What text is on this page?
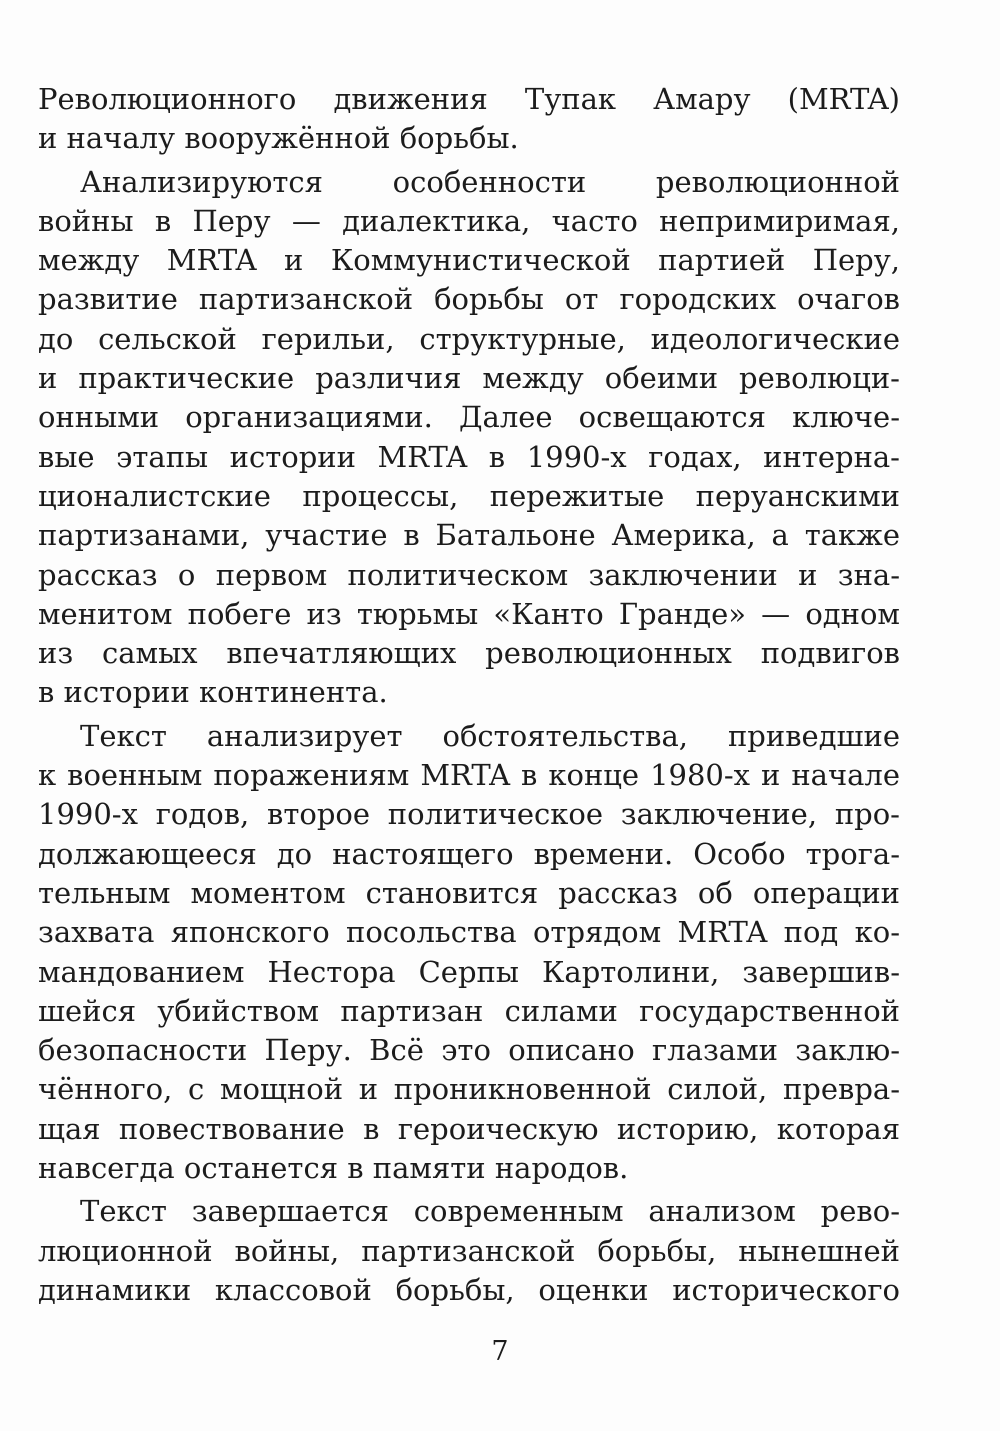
Революционного движения Тупак Амару (MRTA)
и началу вооружённой борьбы.
Анализируются особенности революционной
войны в Перу — диалектика, часто непримиримая,
между MRTA и Коммунистической партией Перу,
развитие партизанской борьбы от городских очагов
до сельской герильи, структурные, идеологические
и практические различия между обеими революци-
онными организациями. Далее освещаются ключе-
вые этапы истории MRTA в 1990-х годах, интерна-
ционалистские процессы, пережитые перуанскими
партизанами, участие в Батальоне Америка, а также
рассказ о первом политическом заключении и зна-
менитом побеге из тюрьмы «Канто Гранде» — одном
из самых впечатляющих революционных подвигов
в истории континента.
Текст анализирует обстоятельства, приведшие
к военным поражениям MRTA в конце 1980-х и начале
1990-х годов, второе политическое заключение, про-
должающееся до настоящего времени. Особо трога-
тельным моментом становится рассказ об операции
захвата японского посольства отрядом MRTA под ко-
мандованием Нестора Серпы Картолини, завершив-
шейся убийством партизан силами государственной
безопасности Перу. Всё это описано глазами заклю-
чённого, с мощной и проникновенной силой, превра-
щая повествование в героическую историю, которая
навсегда останется в памяти народов.
Текст завершается современным анализом рево-
люционной войны, партизанской борьбы, нынешней
динамики классовой борьбы, оценки исторического
7
